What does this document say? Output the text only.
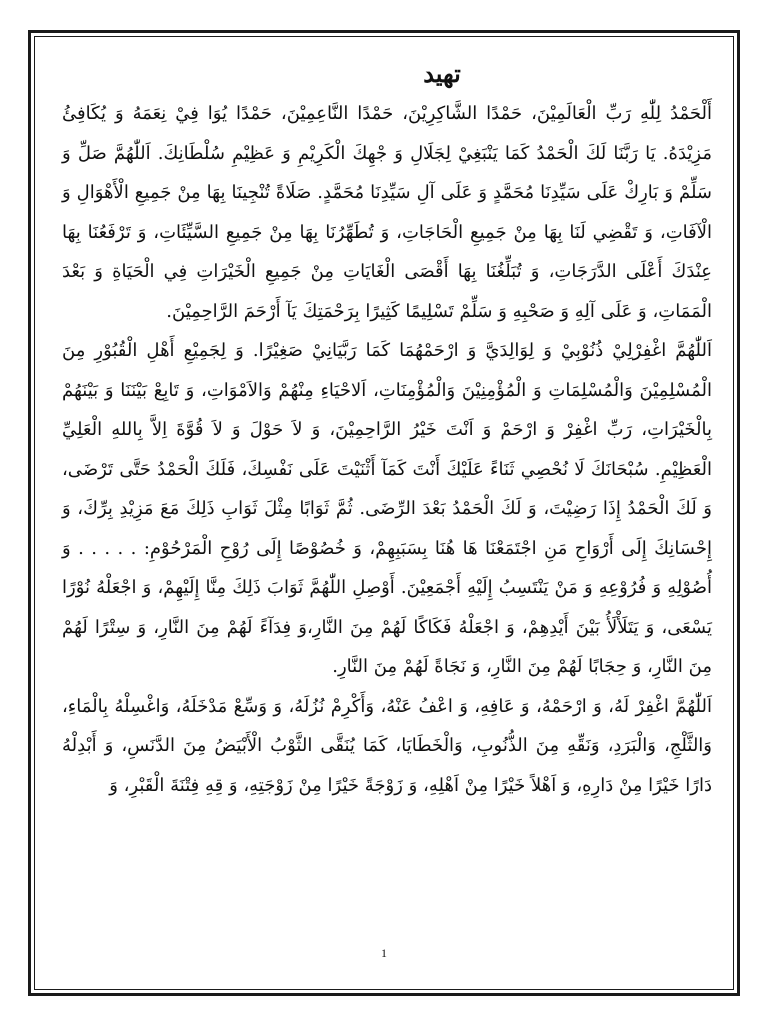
تهيد

أَلْحَمْدُ لِلّٰهِ رَبِّ الْعَالَمِيْنَ، حَمْدًا الشَّاكِرِيْنَ، حَمْدًا النَّاعِمِيْنَ، حَمْدًا يُوَا فِيْ نِعَمَهُ وَ يُكَافِئُ مَزِيْدَهُ. يَا رَبَّنَا لَكَ الْحَمْدُ كَمَا يَنْبَغِيْ لِجَلَالِ وَ جْهِكَ الْكَرِيْمِ وَ عَظِيْمِ سُلْطَانِكَ. اَللّٰهُمَّ صَلِّ وَ سَلِّمْ وَ بَارِكْ عَلَى سَيِّدِنَا مُحَمَّدٍ وَ عَلَى آلِ سَيِّدِنَا مُحَمَّدٍ. صَلَاةً تُنْجِينَا بِهَا مِنْ جَمِيعِ الْأَهْوَالِ وَ الْآفَاتِ، وَ تَقْضِي لَنَا بِهَا مِنْ جَمِيعِ الْحَاجَاتِ، وَ تُطَهِّرُنَا بِهَا مِنْ جَمِيعِ السَّيِّئَاتِ، وَ تَرْفَعُنَا بِهَا عِنْدَكَ أَعْلَى الدَّرَجَاتِ، وَ تُبَلِّغُنَا بِهَا أَقْصَى الْغَايَاتِ مِنْ جَمِيعِ الْخَيْرَاتِ فِي الْحَيَاةِ وَ بَعْدَ الْمَمَاتِ، وَ عَلَى آلِهِ وَ صَحْبِهِ وَ سَلِّمْ تَسْلِيمًا كَثِيرًا بِرَحْمَتِكَ يَآ أَرْحَمَ الرَّاحِمِيْنَ.

اَللّٰهُمَّ اغْفِرْلِيْ ذُنُوْبِيْ وَ لِوَالِدَيَّ وَ ارْحَمْهُمَا كَمَا رَبَّيَانِيْ صَغِيْرًا. وَ لِجَمِيْعِ أَهْلِ الْقُبُوْرِ مِنَ الْمُسْلِمِيْنَ وَالْمُسْلِمَاتِ وَ الْمُؤْمِنِيْنَ وَالْمُؤْمِنَاتِ، اَلاحْيَاءِ مِنْهُمْ وَالاَمْوَاتِ، وَ تَابِعْ بَيْنَنَا وَ بَيْنَهُمْ بِالْخَيْرَاتِ، رَبِّ اغْفِرْ وَ ارْحَمْ وَ اَنْتَ خَيْرُ الرَّاحِمِيْنَ، وَ لاَ حَوْلَ وَ لاَ قُوَّةَ اِلاَّ بِاللهِ الْعَلِيِّ الْعَظِيْمِ. سُبْحَانَكَ لَا نُحْصِي ثَنَاءً عَلَيْكَ أَنْتَ كَمَآ أَثْنَيْتَ عَلَى نَفْسِكَ، فَلَكَ الْحَمْدُ حَتَّى تَرْضَى، وَ لَكَ الْحَمْدُ إِذَا رَضِيْتَ، وَ لَكَ الْحَمْدُ بَعْدَ الرِّضَى. ثُمَّ ثَوَابًا مِثْلَ ثَوَابِ ذَلِكَ مَعَ مَزِيْدِ بِرِّكَ، وَ إِحْسَانِكَ إِلَى أَرْوَاحِ مَنِ اجْتَمَعْنَا هَا هُنَا بِسَبَبِهِمْ، وَ خُصُوْصًا إِلَى رُوْحِ الْمَرْحُوْمِ: . . . . . وَ أُصُوْلِهِ وَ فُرُوْعِهِ وَ مَنْ يَنْتَسِبُ إِلَيْهِ أَجْمَعِيْنَ. أَوْصِلِ اللّٰهُمَّ ثَوَابَ ذَلِكَ مِنَّا إِلَيْهِمْ، وَ اجْعَلْهُ نُوْرًا يَسْعَى، وَ يَتَلَأْلَأُ بَيْنَ أَيْدِهِمْ، وَ اجْعَلْهُ فَكَاكًا لَهُمْ مِنَ النَّارِ،وَ فِدَآءً لَهُمْ مِنَ النَّارِ، وَ سِتْرًا لَهُمْ مِنَ النَّارِ، وَ حِجَابًا لَهُمْ مِنَ النَّارِ، وَ نَجَاةً لَهُمْ مِنَ النَّارِ.

اَللّٰهُمَّ اغْفِرْ لَهُ، وَ ارْحَمْهُ، وَ عَافِهِ، وَ اعْفُ عَنْهُ، وَأَكْرِمْ نُزُلَهُ، وَ وَسِّعْ مَدْخَلَهُ، وَاغْسِلْهُ بِالْمَاءِ، وَالثَّلْجِ، وَالْبَرَدِ، وَنَقِّهِ مِنَ الذُّنُوبِ، وَالْخَطَايَا، كَمَا يُنَقَّى الثَّوْبُ الْأَبْيَضُ مِنَ الدَّنَسِ، وَ أَبْدِلْهُ دَارًا خَيْرًا مِنْ دَارِهِ، وَ اَهْلاً خَيْرًا مِنْ اَهْلِهِ، وَ زَوْجَةً خَيْرًا مِنْ زَوْجَتِهِ، وَ قِهِ فِتْنَةَ الْقَبْرِ، وَ

1
